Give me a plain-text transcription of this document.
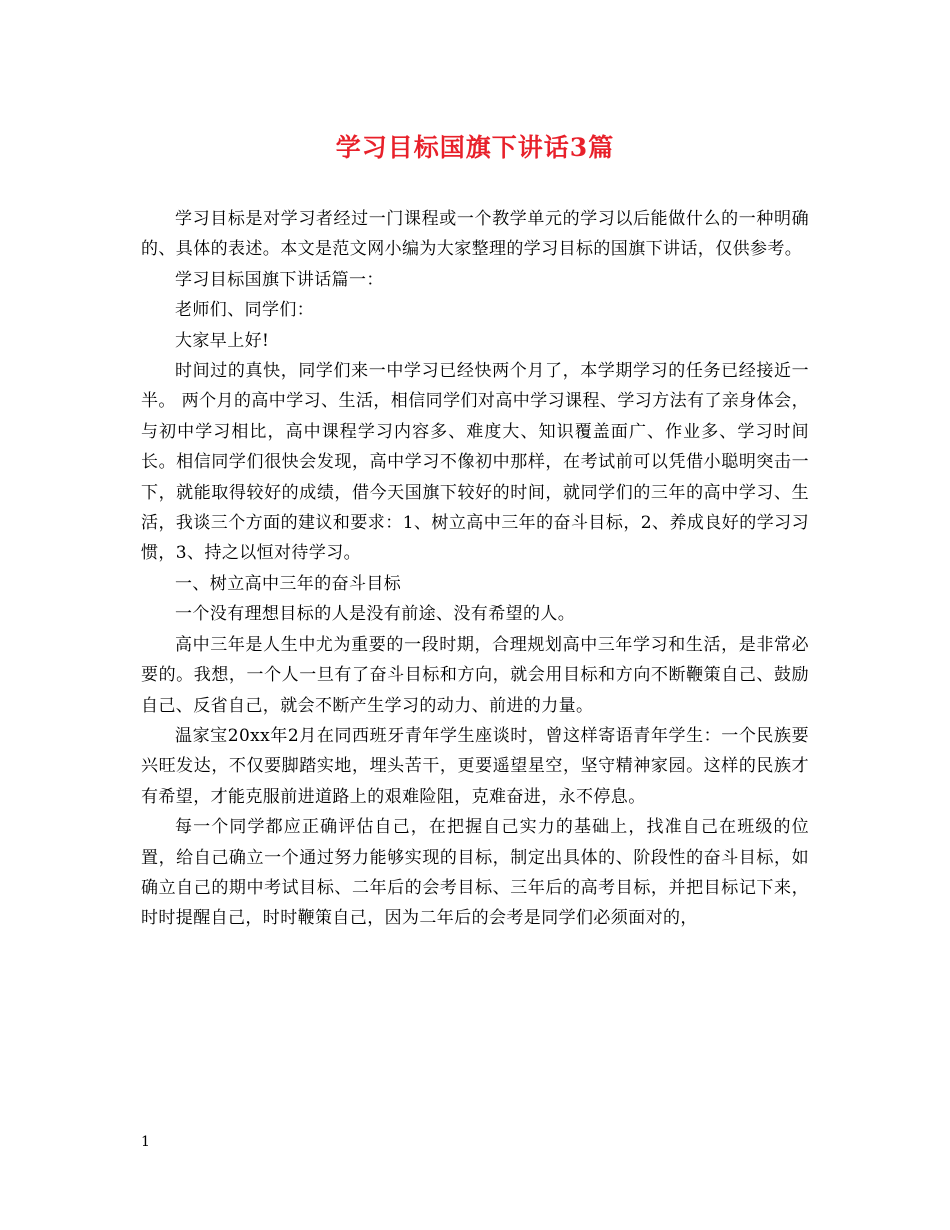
学习目标国旗下讲话3篇

学习目标是对学习者经过一门课程或一个教学单元的学习以后能做什么的一种明确的、具体的表述。本文是范文网小编为大家整理的学习目标的国旗下讲话，仅供参考。

学习目标国旗下讲话篇一：

老师们、同学们：

大家早上好!

时间过的真快，同学们来一中学习已经快两个月了，本学期学习的任务已经接近一半。 两个月的高中学习、生活，相信同学们对高中学习课程、学习方法有了亲身体会，与初中学习相比，高中课程学习内容多、难度大、知识覆盖面广、作业多、学习时间长。相信同学们很快会发现，高中学习不像初中那样，在考试前可以凭借小聪明突击一下，就能取得较好的成绩，借今天国旗下较好的时间，就同学们的三年的高中学习、生活，我谈三个方面的建议和要求：1、树立高中三年的奋斗目标，2、养成良好的学习习惯，3、持之以恒对待学习。

一、树立高中三年的奋斗目标

一个没有理想目标的人是没有前途、没有希望的人。

高中三年是人生中尤为重要的一段时期，合理规划高中三年学习和生活，是非常必要的。我想，一个人一旦有了奋斗目标和方向，就会用目标和方向不断鞭策自己、鼓励自己、反省自己，就会不断产生学习的动力、前进的力量。

温家宝20xx年2月在同西班牙青年学生座谈时，曾这样寄语青年学生：一个民族要兴旺发达，不仅要脚踏实地，埋头苦干，更要遥望星空，坚守精神家园。这样的民族才有希望，才能克服前进道路上的艰难险阻，克难奋进，永不停息。

每一个同学都应正确评估自己，在把握自己实力的基础上，找准自己在班级的位置，给自己确立一个通过努力能够实现的目标，制定出具体的、阶段性的奋斗目标，如确立自己的期中考试目标、二年后的会考目标、三年后的高考目标，并把目标记下来，时时提醒自己，时时鞭策自己，因为二年后的会考是同学们必须面对的，

1
